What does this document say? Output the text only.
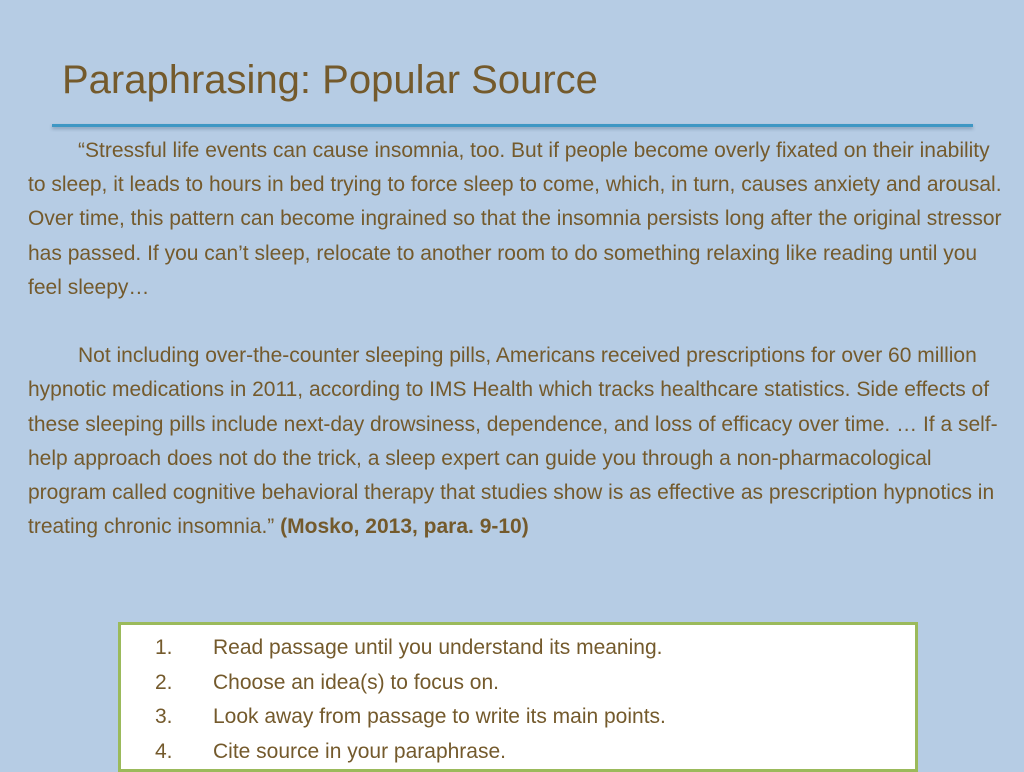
Paraphrasing: Popular Source

“Stressful life events can cause insomnia, too. But if people become overly fixated on their inability to sleep, it leads to hours in bed trying to force sleep to come, which, in turn, causes anxiety and arousal. Over time, this pattern can become ingrained so that the insomnia persists long after the original stressor has passed. If you can’t sleep, relocate to another room to do something relaxing like reading until you feel sleepy…

Not including over-the-counter sleeping pills, Americans received prescriptions for over 60 million hypnotic medications in 2011, according to IMS Health which tracks healthcare statistics. Side effects of these sleeping pills include next-day drowsiness, dependence, and loss of efficacy over time. … If a self-help approach does not do the trick, a sleep expert can guide you through a non-pharmacological program called cognitive behavioral therapy that studies show is as effective as prescription hypnotics in treating chronic insomnia.” (Mosko, 2013, para. 9-10)

1.	Read passage until you understand its meaning.
2.	Choose an idea(s) to focus on.
3.	Look away from passage to write its main points.
4.	Cite source in your paraphrase.
